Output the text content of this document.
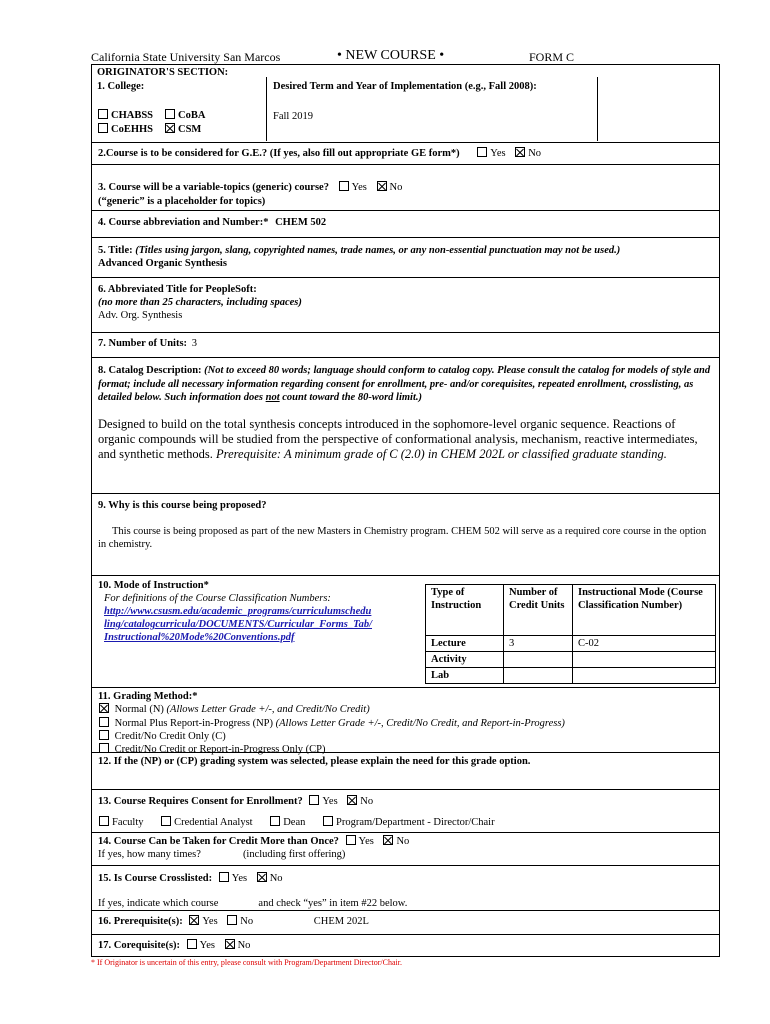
California State University San Marcos	• NEW COURSE •	FORM C
ORIGINATOR'S SECTION:
1. College:	Desired Term and Year of Implementation (e.g., Fall 2008):
Fall 2019
CHABSS	CoBA
CoEHHS	CSM
2.Course is to be considered for G.E.? (If yes, also fill out appropriate GE form*)	Yes No
3. Course will be a variable-topics (generic) course? Yes No
(“generic” is a placeholder for topics)
4. Course abbreviation and Number:* CHEM 502
5. Title: (Titles using jargon, slang, copyrighted names, trade names, or any non-essential punctuation may not be used.)
Advanced Organic Synthesis
6. Abbreviated Title for PeopleSoft:
(no more than 25 characters, including spaces)
Adv. Org. Synthesis
7. Number of Units: 3
8. Catalog Description: (Not to exceed 80 words; language should conform to catalog copy. Please consult the catalog for models of style and format; include all necessary information regarding consent for enrollment, pre- and/or corequisites, repeated enrollment, crosslisting, as detailed below. Such information does not count toward the 80-word limit.)
Designed to build on the total synthesis concepts introduced in the sophomore-level organic sequence. Reactions of organic compounds will be studied from the perspective of conformational analysis, mechanism, reactive intermediates, and synthetic methods. Prerequisite: A minimum grade of C (2.0) in CHEM 202L or classified graduate standing.
9. Why is this course being proposed?
This course is being proposed as part of the new Masters in Chemistry program. CHEM 502 will serve as a required core course in the option in chemistry.
10. Mode of Instruction*
For definitions of the Course Classification Numbers:
http://www.csusm.edu/academic_programs/curriculumschedu ling/catalogcurricula/DOCUMENTS/Curricular_Forms_Tab/ Instructional%20Mode%20Conventions.pdf
Type of Instruction	Number of Credit Units	Instructional Mode (Course Classification Number)
Lecture	3	C-02
Activity		
Lab		
11. Grading Method:*
Normal (N) (Allows Letter Grade +/-, and Credit/No Credit)
Normal Plus Report-in-Progress (NP) (Allows Letter Grade +/-, Credit/No Credit, and Report-in-Progress)
Credit/No Credit Only (C)
Credit/No Credit or Report-in-Progress Only (CP)
12. If the (NP) or (CP) grading system was selected, please explain the need for this grade option.
13. Course Requires Consent for Enrollment? Yes No
Faculty	Credential Analyst	Dean	Program/Department - Director/Chair
14. Course Can be Taken for Credit More than Once? Yes No
If yes, how many times?	(including first offering)
15. Is Course Crosslisted: Yes No
If yes, indicate which course	and check “yes” in item #22 below.
16. Prerequisite(s): Yes No	CHEM 202L
17. Corequisite(s): Yes No
* If Originator is uncertain of this entry, please consult with Program/Department Director/Chair.
